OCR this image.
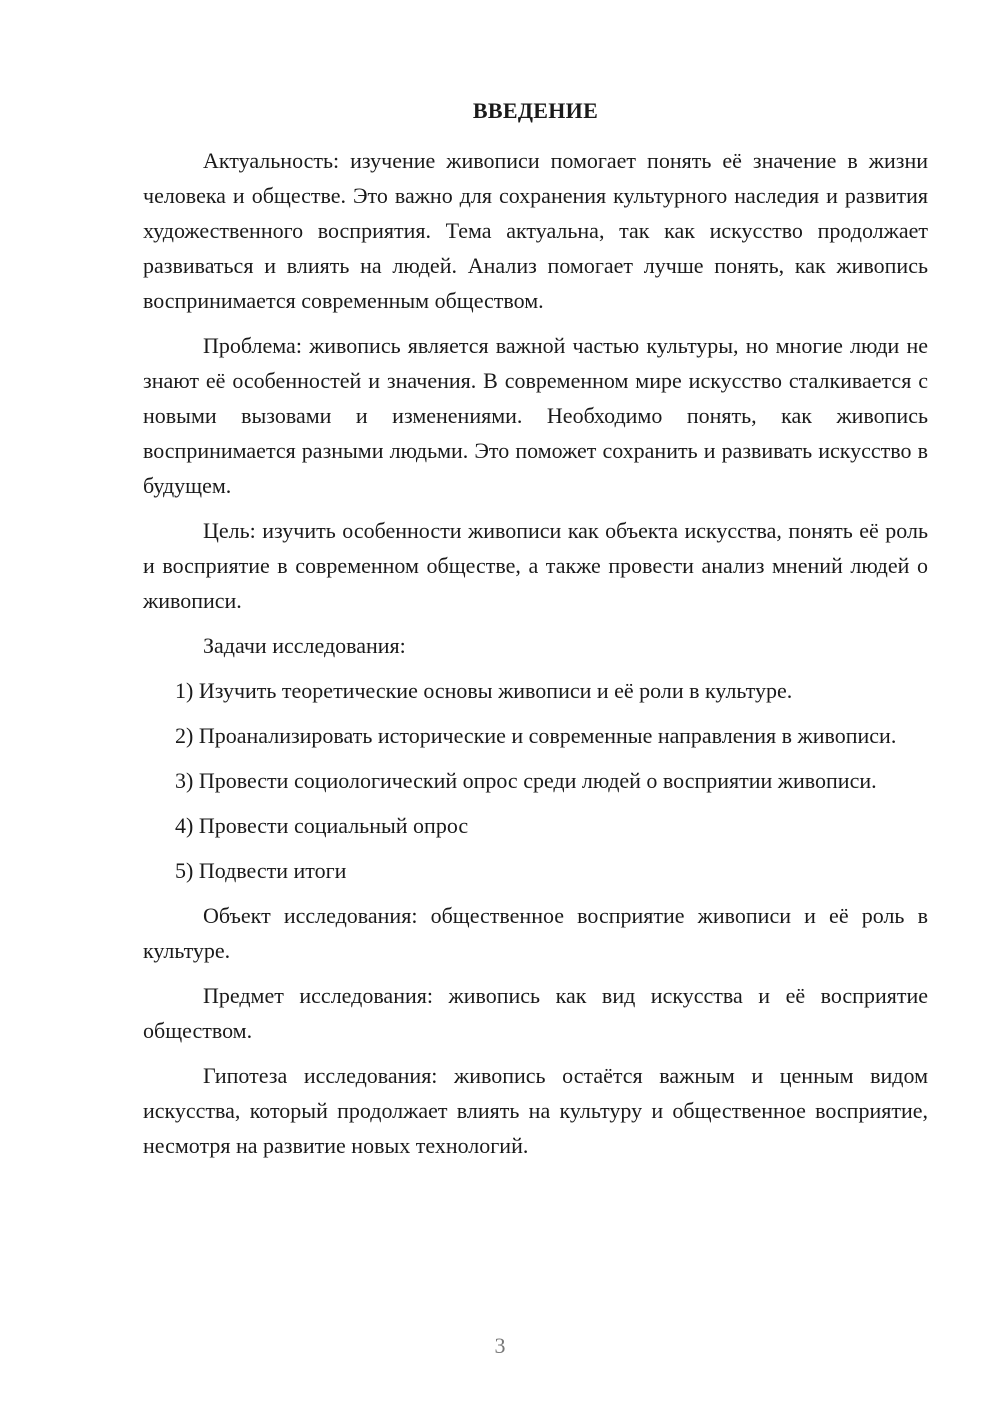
ВВЕДЕНИЕ

Актуальность: изучение живописи помогает понять её значение в жизни человека и обществе. Это важно для сохранения культурного наследия и развития художественного восприятия. Тема актуальна, так как искусство продолжает развиваться и влиять на людей. Анализ помогает лучше понять, как живопись воспринимается современным обществом.

Проблема: живопись является важной частью культуры, но многие люди не знают её особенностей и значения. В современном мире искусство сталкивается с новыми вызовами и изменениями. Необходимо понять, как живопись воспринимается разными людьми. Это поможет сохранить и развивать искусство в будущем.

Цель: изучить особенности живописи как объекта искусства, понять её роль и восприятие в современном обществе, а также провести анализ мнений людей о живописи.

Задачи исследования:

1) Изучить теоретические основы живописи и её роли в культуре.

2) Проанализировать исторические и современные направления в живописи.

3) Провести социологический опрос среди людей о восприятии живописи.

4) Провести социальный опрос

5) Подвести итоги

Объект исследования: общественное восприятие живописи и её роль в культуре.

Предмет исследования: живопись как вид искусства и её восприятие обществом.

Гипотеза исследования: живопись остаётся важным и ценным видом искусства, который продолжает влиять на культуру и общественное восприятие, несмотря на развитие новых технологий.

3
